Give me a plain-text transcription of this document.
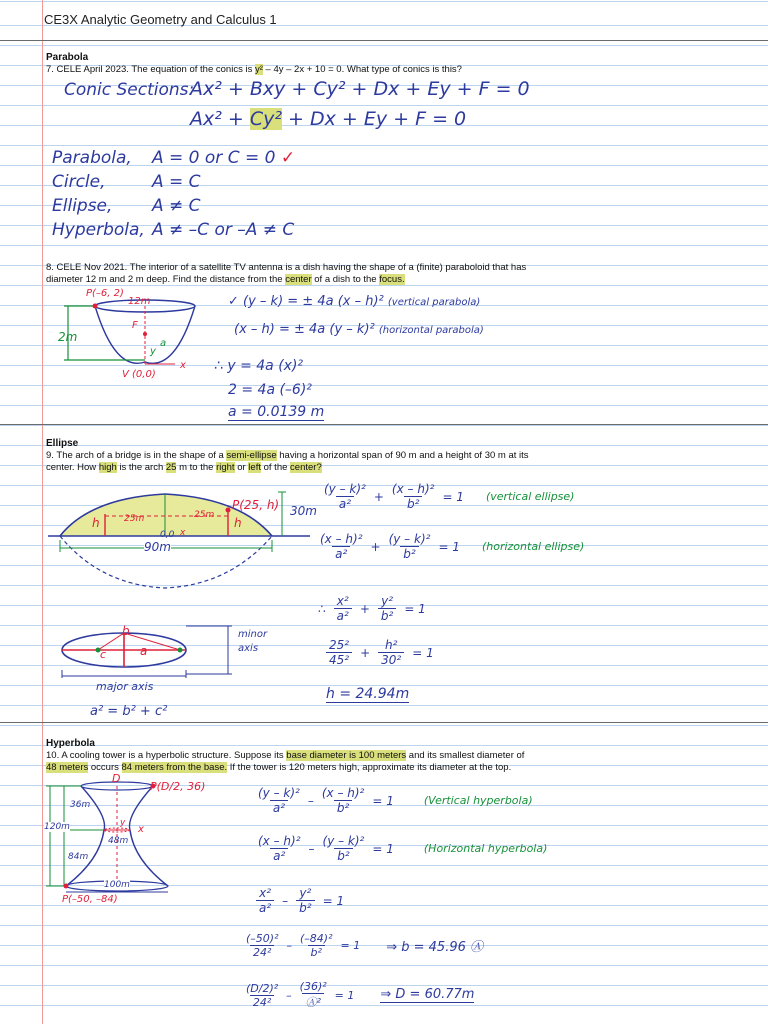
CE3X Analytic Geometry and Calculus 1
Parabola
7. CELE April 2023. The equation of the conics is y² – 4y – 2x + 10 = 0. What type of conics is this?
Conic Sections:
Ax² + Bxy + Cy² + Dx + Ey + F = 0
Ax² + Cy² + Dx + Ey + F = 0
Parabola, A = 0 or C = 0 ✓
Circle,	A = C
Ellipse, A ≠ C
Hyperbola, A ≠ –C or –A ≠ C
8. CELE Nov 2021. The interior of a satellite TV antenna is a dish having the shape of a (finite) paraboloid that has
diameter 12 m and 2 m deep. Find the distance from the center of a dish to the focus.
P(–6, 2)
12m
2m
F
a
y
V (0,0)
x
✓ (y – k) = ± 4a (x – h)² (vertical parabola)
(x – h) = ± 4a (y – k)² (horizontal parabola)
∴ y = 4a (x)²
2 = 4a (–6)²
a = 0.0139 m
Ellipse
9. The arch of a bridge is in the shape of a semi-ellipse having a horizontal span of 90 m and a height of 30 m at its
center. How high is the arch 25 m to the right or left of the center?
P(25, h)
h	h
25m	25m	30m
90m
0,0 x
(y – k)²
a²
+ $\frac{\text{(x – h)²}}{\text{b²}} = 1$ (vertical ellipse)
(x – h)²
a²
+ $\frac{\text{(y – k)²}}{\text{b²}} = 1$ (horizontal ellipse)
∴
x²
a²
+ $\frac{\text{y²}}{\text{b²}} = 1$
25²
45²
+ $\frac{\text{h²}}{\text{30²}} = 1$
h = 24.94m
b
c	a
minor axis
major axis
a² = b² + c²
Hyperbola
10. A cooling tower is a hyperbolic structure. Suppose its base diameter is 100 meters and its smallest diameter of
48 meters occurs 84 meters from the base. If the tower is 120 meters high, approximate its diameter at the top.
D
P(D/2, 36)
36m
120m
84m
48m
100m
P(–50, –84)
x
y
(y – k)²
a²
– $\frac{\text{(x – h)²}}{\text{b²}} = 1$	(Vertical hyperbola)
(x – h)²
a²
– $\frac{\text{(y – k)²}}{\text{b²}} = 1$	(Horizontal hyperbola)
x²
a²
– $\frac{\text{y²}}{\text{b²}} = 1$
(–50)²
24²
– $\frac{\text{(–84)²}}{\text{b²}} = 1$ ⇒ b = 45.96 Ⓐ
(D/2)²
24²
–
(36)²
Ⓐ²
= 1 ⇒ D = 60.77m
